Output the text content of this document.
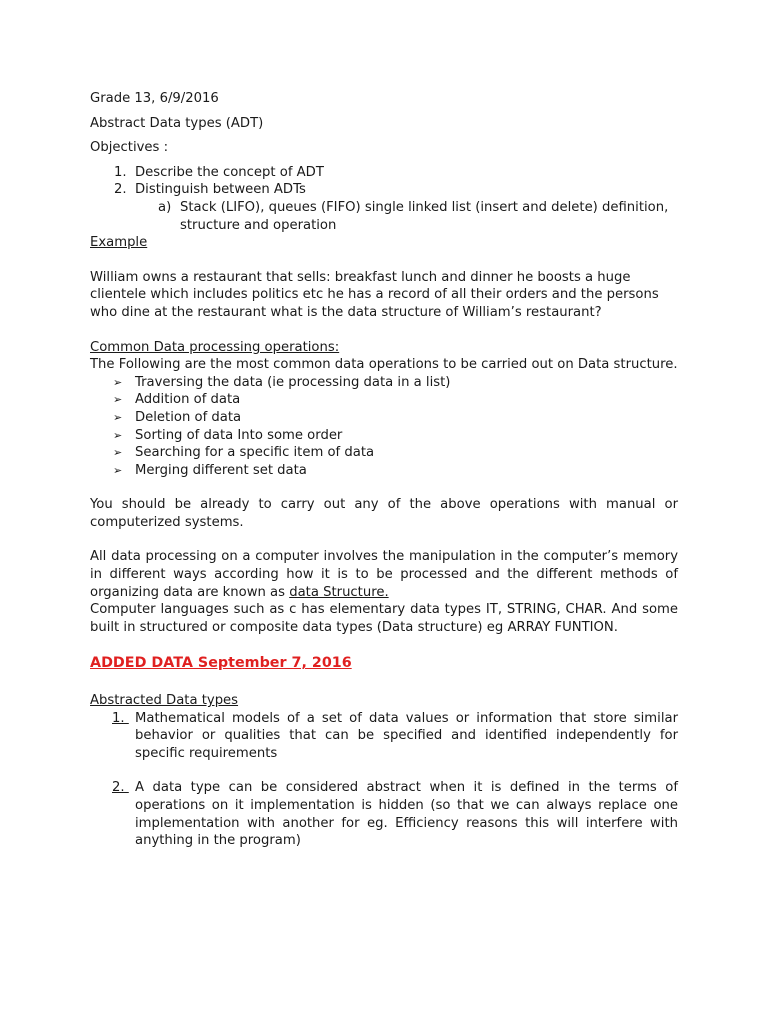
Grade 13, 6/9/2016

Abstract Data types (ADT)

Objectives :

1. Describe the concept of ADT
2. Distinguish between ADTs
a) Stack (LIFO), queues (FIFO) single linked list (insert and delete) definition, structure and operation

Example

William owns a restaurant that sells: breakfast lunch and dinner he boosts a huge clientele which includes politics etc he has a record of all their orders and the persons who dine at the restaurant what is the data structure of William’s restaurant?

Common Data processing operations:

The Following are the most common data operations to be carried out on Data structure.

➢ Traversing the data (ie processing data in a list)
➢ Addition of data
➢ Deletion of data
➢ Sorting of data Into some order
➢ Searching for a specific item of data
➢ Merging different set data

You should be already to carry out any of the above operations with manual or computerized systems.

All data processing on a computer involves the manipulation in the computer’s memory in different ways according how it is to be processed and the different methods of organizing data are known as data Structure.

Computer languages such as c has elementary data types IT, STRING, CHAR. And some built in structured or composite data types (Data structure) eg ARRAY FUNTION.

ADDED DATA September 7, 2016

Abstracted Data types

1. Mathematical models of a set of data values or information that store similar behavior or qualities that can be specified and identified independently for specific requirements
2. A data type can be considered abstract when it is defined in the terms of operations on it implementation is hidden (so that we can always replace one implementation with another for eg. Efficiency reasons this will interfere with anything in the program)
